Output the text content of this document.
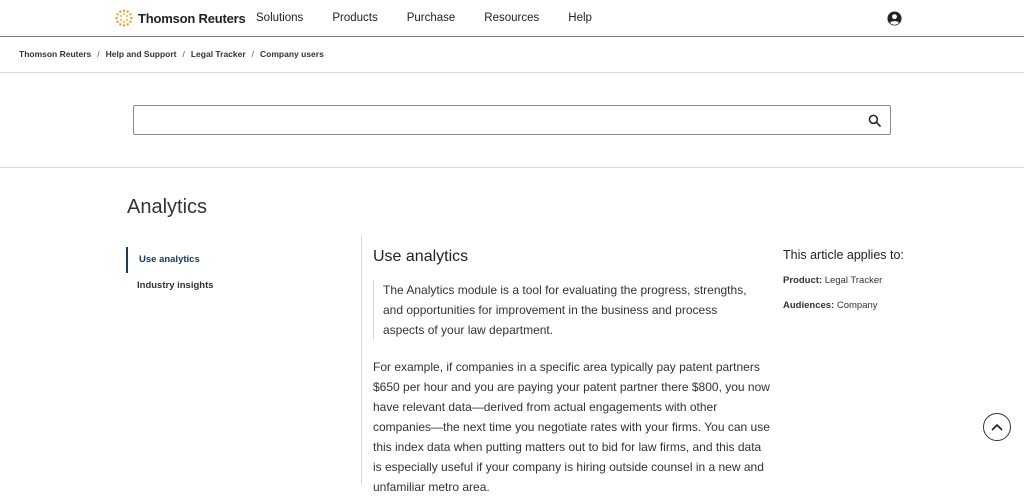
Thomson Reuters Solutions	Products	Purchase	Resources	Help
Thomson Reuters / Help and Support / Legal Tracker / Company users
Analytics
Use analytics
Industry insights
Use analytics

The Analytics module is a tool for evaluating the progress, strengths, and opportunities for improvement in the business and process aspects of your law department.

For example, if companies in a specific area typically pay patent partners $650 per hour and you are paying your patent partner there $800, you now have relevant data—derived from actual engagements with other companies—the next time you negotiate rates with your firms. You can use this index data when putting matters out to bid for law firms, and this data is especially useful if your company is hiring outside counsel in a new and unfamiliar metro area.

This article applies to:
Product: Legal Tracker
Audiences: Company
